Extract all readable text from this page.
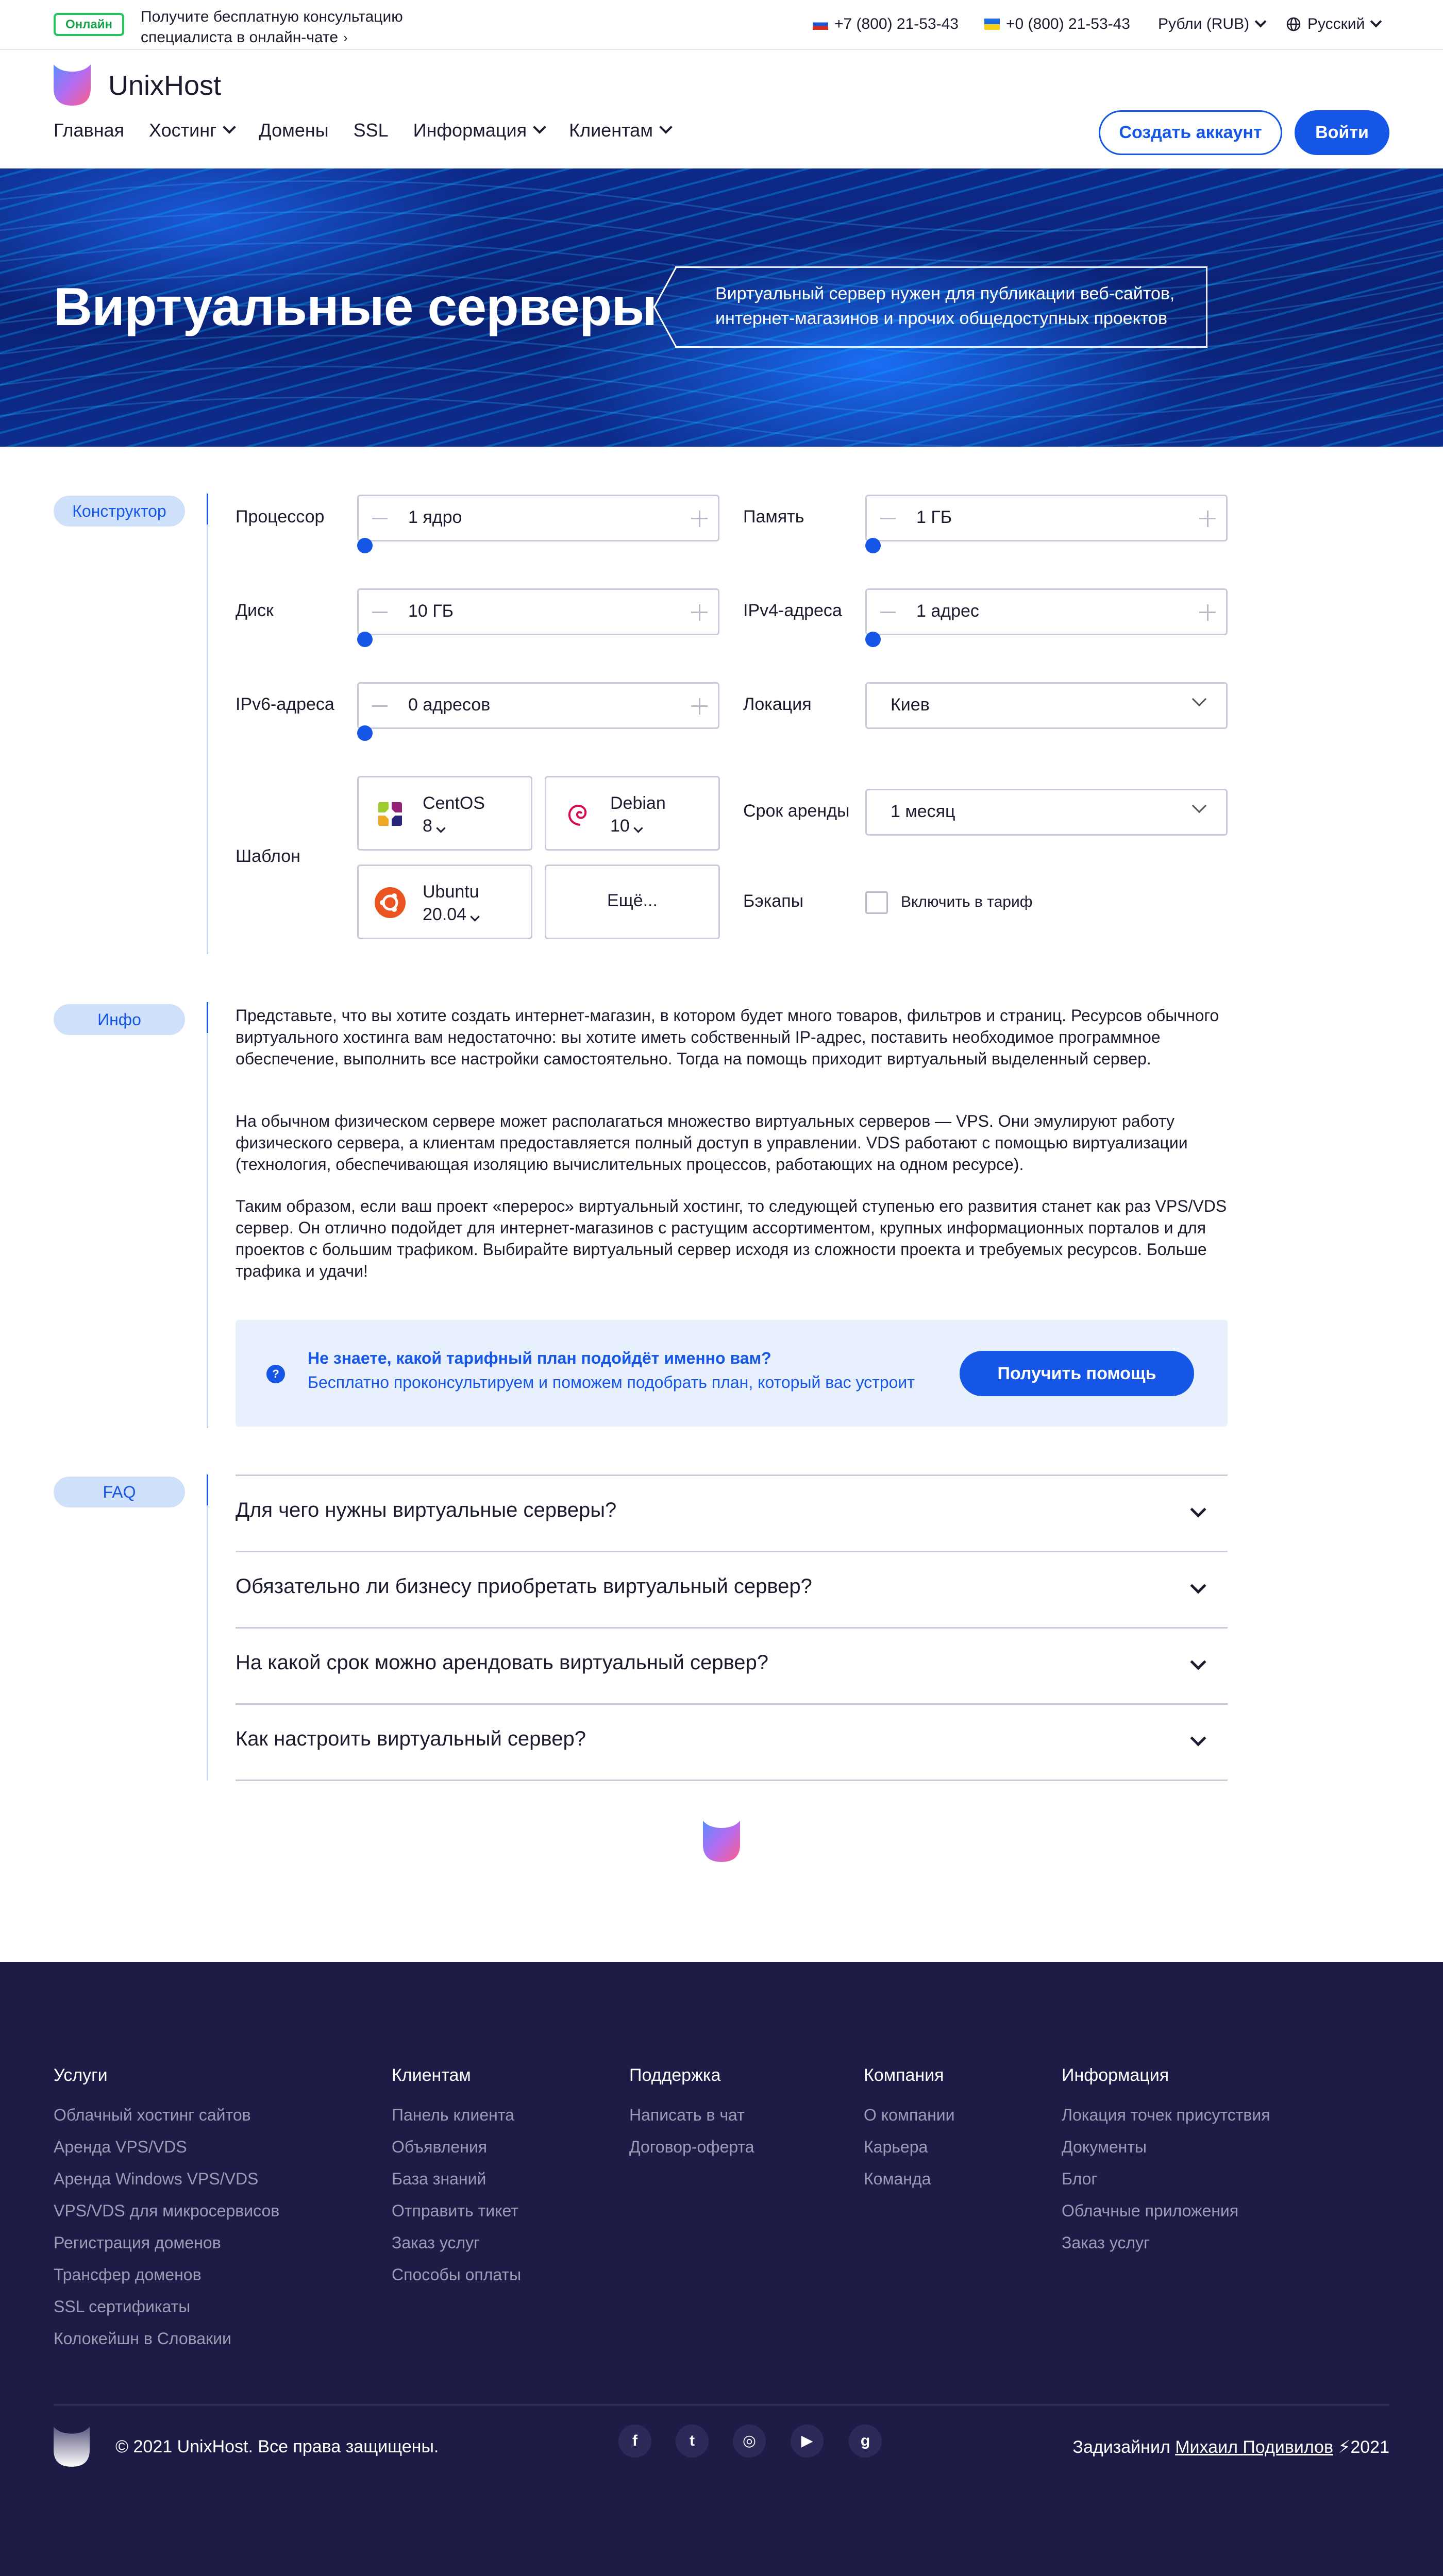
Онлайн	Получите бесплатную консультацию
специалиста в онлайн-чате ›
+7 (800) 21-53-43	+0 (800) 21-53-43 Рубли (RUB)	Русский
UnixHost
Главная Хостинг Домены SSL Информация Клиентам	Создать аккаунт	Войти
Виртуальные серверы	Виртуальный сервер нужен для публикации веб-сайтов,
интернет-магазинов и прочих общедоступных проектов
Конструктор	Процессор	1 ядро	Память	1 ГБ
Диск	10 ГБ	IPv4-адреса	1 адрес
IPv6-адреса	0 адресов	Локация	Киев
Шаблон
CentOS
8
Debian
10
Ubuntu
20.04
Ещё...
Срок аренды 1 месяц
Бэкапы	Включить в тариф
Инфо	Представьте, что вы хотите создать интернет-магазин, в котором будет много товаров, фильтров и страниц. Ресурсов обычного виртуального хостинга вам недостаточно: вы хотите иметь собственный IP-адрес, поставить необходимое программное обеспечение, выполнить все настройки самостоятельно. Тогда на помощь приходит виртуальный выделенный сервер.
На обычном физическом сервере может располагаться множество виртуальных серверов — VPS. Они эмулируют работу физического сервера, а клиентам предоставляется полный доступ в управлении. VDS работают с помощью виртуализации (технология, обеспечивающая изоляцию вычислительных процессов, работающих на одном ресурсе).
Таким образом, если ваш проект «перерос» виртуальный хостинг, то следующей ступенью его развития станет как раз VPS/VDS сервер. Он отлично подойдет для интернет-магазинов с растущим ассортиментом, крупных информационных порталов и для проектов с большим трафиком. Выбирайте виртуальный сервер исходя из сложности проекта и требуемых ресурсов. Больше трафика и удачи!
?
Не знаете, какой тарифный план подойдёт именно вам?
Бесплатно проконсультируем и поможем подобрать план, который вас устроит	Получить помощь
FAQ
Для чего нужны виртуальные серверы?
Обязательно ли бизнесу приобретать виртуальный сервер?
На какой срок можно арендовать виртуальный сервер?
Как настроить виртуальный сервер?
Услуги
Облачный хостинг сайтов
Аренда VPS/VDS
Аренда Windows VPS/VDS
VPS/VDS для микросервисов
Регистрация доменов
Трансфер доменов
SSL сертификаты
Колокейшн в Словакии
Клиентам
Панель клиента
Объявления
База знаний
Отправить тикет
Заказ услуг
Способы оплаты
Поддержка
Написать в чат
Договор-оферта
Компания
О компании
Карьера
Команда
Информация
Локация точек присутствия
Документы
Блог
Облачные приложения
Заказ услуг
© 2021 UnixHost. Все права защищены.	f	t	◎	▶	g	Задизайнил Михаил Подивилов ⚡2021
